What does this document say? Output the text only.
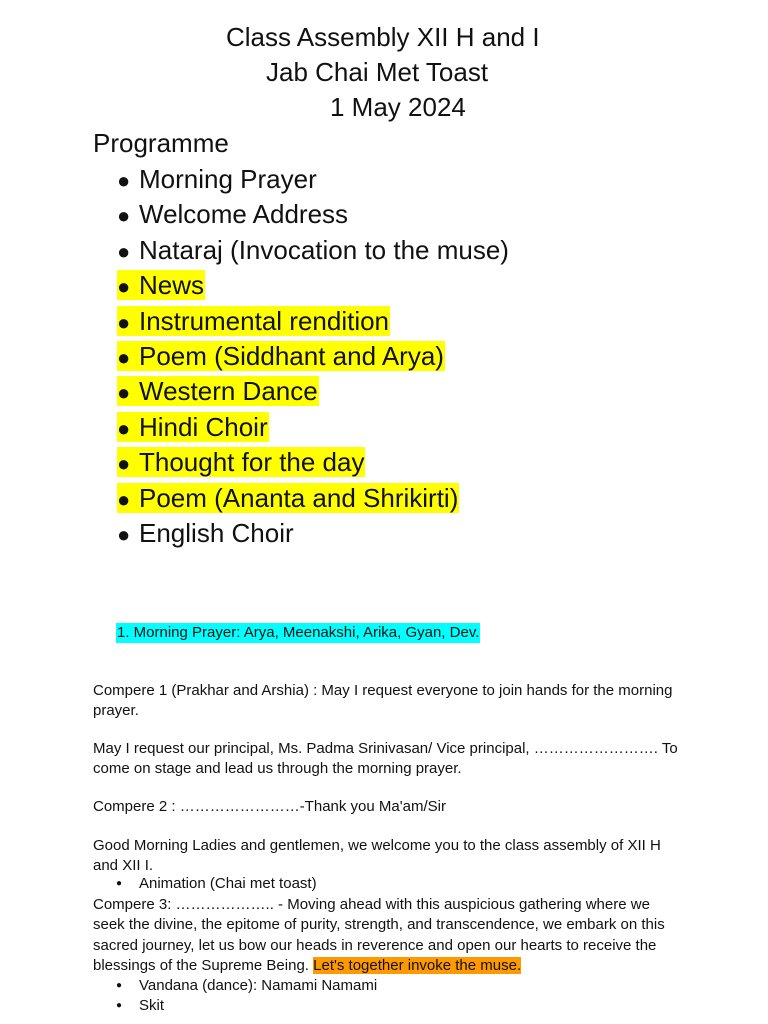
Class Assembly XII H and I
Jab Chai Met Toast
1 May 2024
Programme
● Morning Prayer
● Welcome Address
● Nataraj (Invocation to the muse)
● News
● Instrumental rendition
● Poem (Siddhant and Arya)
● Western Dance
● Hindi Choir
● Thought for the day
● Poem (Ananta and Shrikirti)
● English Choir
1. Morning Prayer: Arya, Meenakshi, Arika, Gyan, Dev.
Compere 1 (Prakhar and Arshia) : May I request everyone to join hands for the morning prayer.
May I request our principal, Ms. Padma Srinivasan/ Vice principal, ……………………. To come on stage and lead us through the morning prayer.
Compere 2 : ……………………-Thank you Ma'am/Sir
Good Morning Ladies and gentlemen, we welcome you to the class assembly of XII H and XII I.
● Animation (Chai met toast)
Compere 3: ……………….. - Moving ahead with this auspicious gathering where we seek the divine, the epitome of purity, strength, and transcendence, we embark on this sacred journey, let us bow our heads in reverence and open our hearts to receive the blessings of the Supreme Being. Let's together invoke the muse.
● Vandana (dance): Namami Namami
● Skit
